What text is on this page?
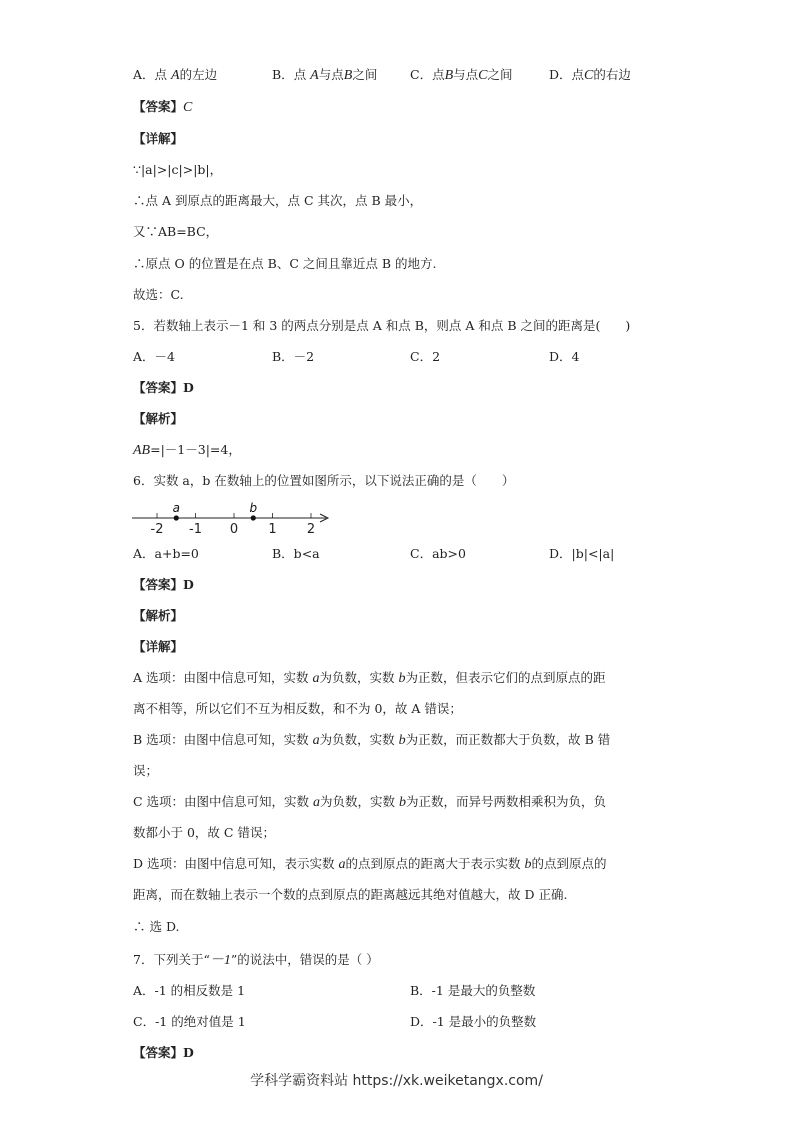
A．点 A的左边	B．点 A与点B之间	C．点B与点C之间	D．点C的右边
【答案】C
【详解】
∵|a|>|c|>|b|，
∴点 A 到原点的距离最大，点 C 其次，点 B 最小，
又∵AB=BC，
∴原点 O 的位置是在点 B、C 之间且靠近点 B 的地方.
故选：C.
5．若数轴上表示－1 和 3 的两点分别是点 A 和点 B，则点 A 和点 B 之间的距离是(　　)
A．－4	B．－2	C．2	D．4
【答案】D
【解析】
AB=|－1－3|=4，
6．实数 a，b 在数轴上的位置如图所示，以下说法正确的是（　　）
-2 -1 0 1 2
a	b
A．a+b=0	B．b<a	C．ab>0	D．|b|<|a|
【答案】D
【解析】
【详解】
A 选项：由图中信息可知，实数 a为负数，实数 b为正数，但表示它们的点到原点的距
离不相等，所以它们不互为相反数，和不为 0，故 A 错误；
B 选项：由图中信息可知，实数 a为负数，实数 b为正数，而正数都大于负数，故 B 错
误；
C 选项：由图中信息可知，实数 a为负数，实数 b为正数，而异号两数相乘积为负，负
数都小于 0，故 C 错误；
D 选项：由图中信息可知，表示实数 a的点到原点的距离大于表示实数 b的点到原点的
距离，而在数轴上表示一个数的点到原点的距离越远其绝对值越大，故 D 正确.
∴ 选 D.
7．下列关于“－1”的说法中，错误的是（ ）
A．-1 的相反数是 1	B．-1 是最大的负整数
C．-1 的绝对值是 1	D．-1 是最小的负整数
【答案】D
学科学霸资料站 https://xk.weiketangx.com/
